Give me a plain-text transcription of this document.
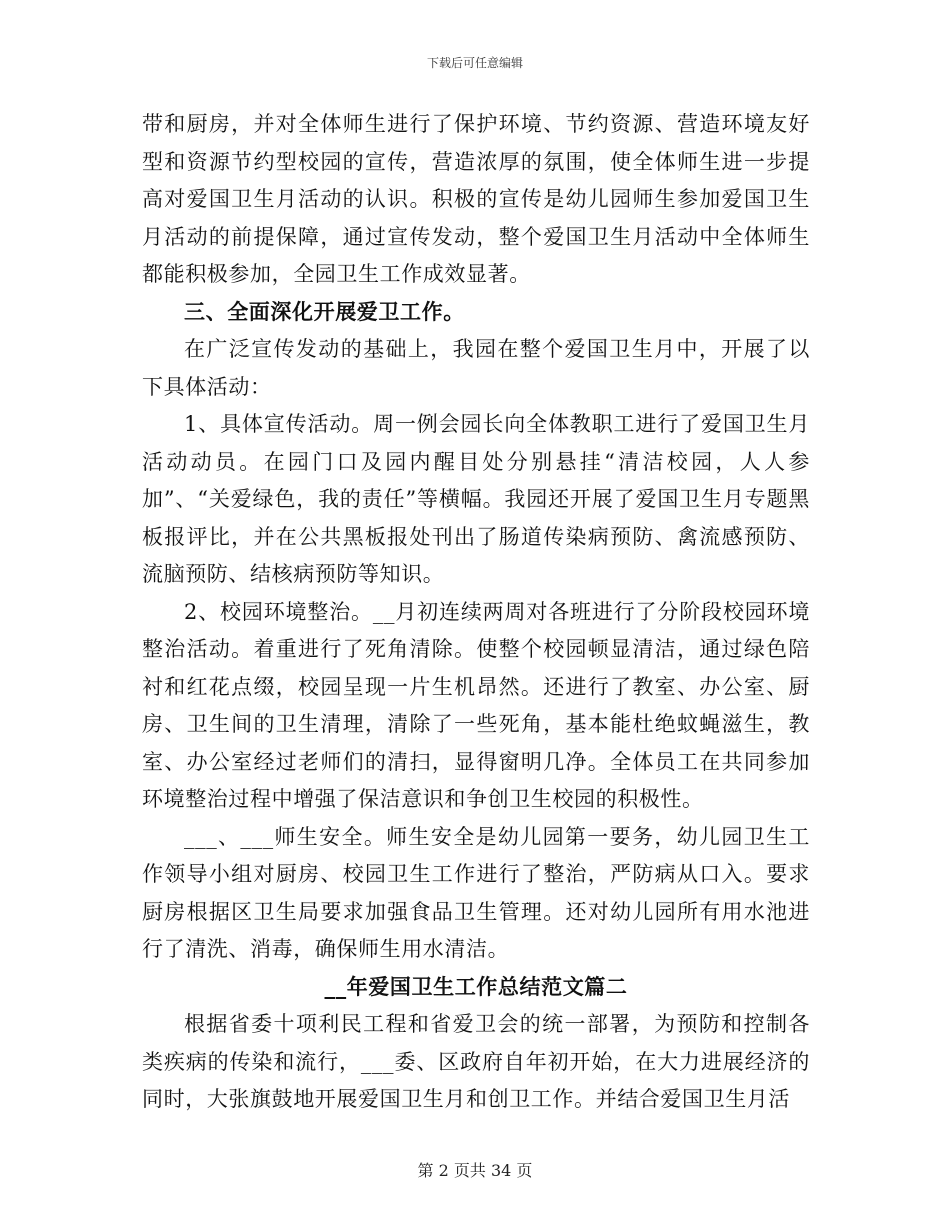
下载后可任意编辑

带和厨房，并对全体师生进行了保护环境、节约资源、营造环境友好型和资源节约型校园的宣传，营造浓厚的氛围，使全体师生进一步提高对爱国卫生月活动的认识。积极的宣传是幼儿园师生参加爱国卫生月活动的前提保障，通过宣传发动，整个爱国卫生月活动中全体师生都能积极参加，全园卫生工作成效显著。

三、全面深化开展爱卫工作。

在广泛宣传发动的基础上，我园在整个爱国卫生月中，开展了以下具体活动：

1、具体宣传活动。周一例会园长向全体教职工进行了爱国卫生月活动动员。在园门口及园内醒目处分别悬挂“清洁校园，人人参加”、“关爱绿色，我的责任”等横幅。我园还开展了爱国卫生月专题黑板报评比，并在公共黑板报处刊出了肠道传染病预防、禽流感预防、流脑预防、结核病预防等知识。

2、校园环境整治。__月初连续两周对各班进行了分阶段校园环境整治活动。着重进行了死角清除。使整个校园顿显清洁，通过绿色陪衬和红花点缀，校园呈现一片生机昂然。还进行了教室、办公室、厨房、卫生间的卫生清理，清除了一些死角，基本能杜绝蚊蝇滋生，教室、办公室经过老师们的清扫，显得窗明几净。全体员工在共同参加环境整治过程中增强了保洁意识和争创卫生校园的积极性。

___、___师生安全。师生安全是幼儿园第一要务，幼儿园卫生工作领导小组对厨房、校园卫生工作进行了整治，严防病从口入。要求厨房根据区卫生局要求加强食品卫生管理。还对幼儿园所有用水池进行了清洗、消毒，确保师生用水清洁。

__年爱国卫生工作总结范文篇二

根据省委十项利民工程和省爱卫会的统一部署，为预防和控制各类疾病的传染和流行，___委、区政府自年初开始，在大力进展经济的同时，大张旗鼓地开展爱国卫生月和创卫工作。并结合爱国卫生月活

第 2 页共 34 页
